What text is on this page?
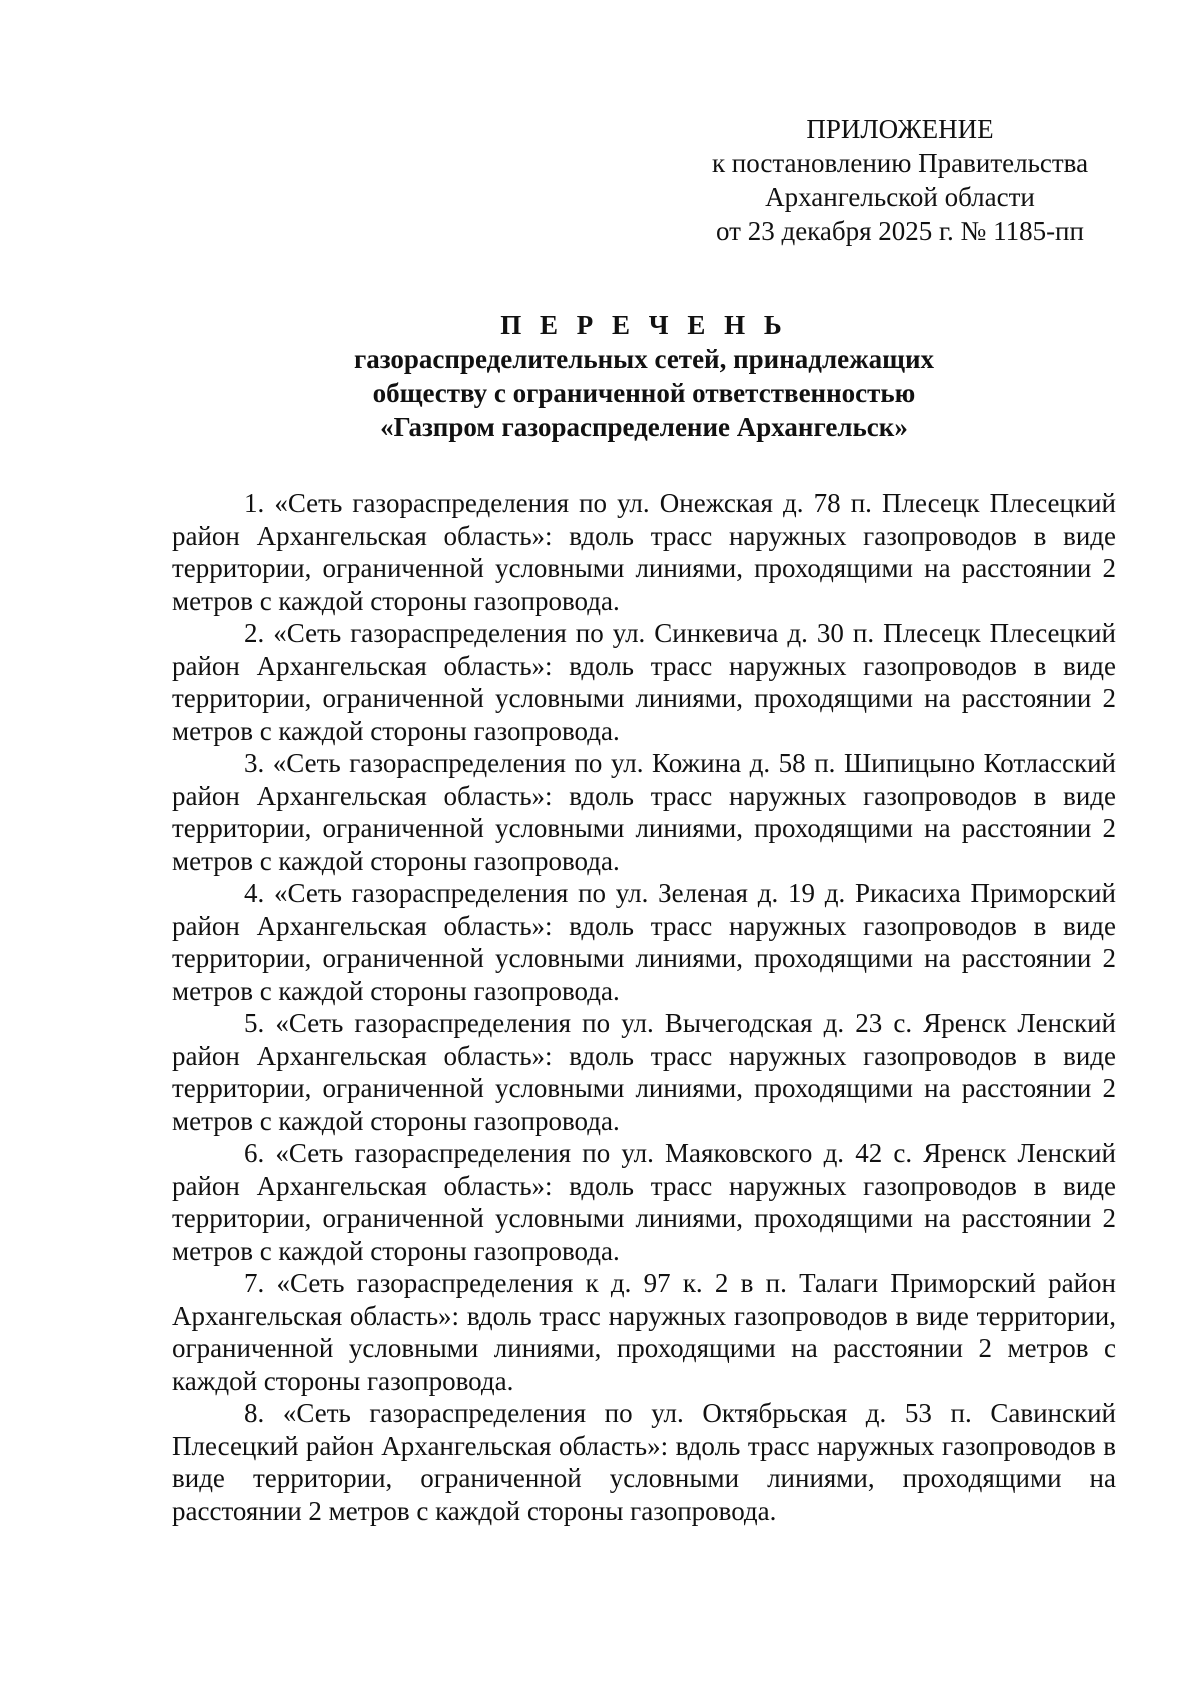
ПРИЛОЖЕНИЕ
к постановлению Правительства
Архангельской области
от 23 декабря 2025 г. № 1185-пп
П Е Р Е Ч Е Н Ь
газораспределительных сетей, принадлежащих
обществу с ограниченной ответственностью
«Газпром газораспределение Архангельск»

1. «Сеть газораспределения по ул. Онежская д. 78 п. Плесецк Плесецкий район Архангельская область»: вдоль трасс наружных газопроводов в виде территории, ограниченной условными линиями, проходящими на расстоянии 2 метров с каждой стороны газопровода.

2. «Сеть газораспределения по ул. Синкевича д. 30 п. Плесецк Плесецкий район Архангельская область»: вдоль трасс наружных газопроводов в виде территории, ограниченной условными линиями, проходящими на расстоянии 2 метров с каждой стороны газопровода.

3. «Сеть газораспределения по ул. Кожина д. 58 п. Шипицыно Котласский район Архангельская область»: вдоль трасс наружных газопроводов в виде территории, ограниченной условными линиями, проходящими на расстоянии 2 метров с каждой стороны газопровода.

4. «Сеть газораспределения по ул. Зеленая д. 19 д. Рикасиха Приморский район Архангельская область»: вдоль трасс наружных газопроводов в виде территории, ограниченной условными линиями, проходящими на расстоянии 2 метров с каждой стороны газопровода.

5. «Сеть газораспределения по ул. Вычегодская д. 23 с. Яренск Ленский район Архангельская область»: вдоль трасс наружных газопроводов в виде территории, ограниченной условными линиями, проходящими на расстоянии 2 метров с каждой стороны газопровода.

6. «Сеть газораспределения по ул. Маяковского д. 42 с. Яренск Ленский район Архангельская область»: вдоль трасс наружных газопроводов в виде территории, ограниченной условными линиями, проходящими на расстоянии 2 метров с каждой стороны газопровода.

7. «Сеть газораспределения к д. 97 к. 2 в п. Талаги Приморский район Архангельская область»: вдоль трасс наружных газопроводов в виде территории, ограниченной условными линиями, проходящими на расстоянии 2 метров с каждой стороны газопровода.

8. «Сеть газораспределения по ул. Октябрьская д. 53 п. Савинский Плесецкий район Архангельская область»: вдоль трасс наружных газопроводов в виде территории, ограниченной условными линиями, проходящими на расстоянии 2 метров с каждой стороны газопровода.
